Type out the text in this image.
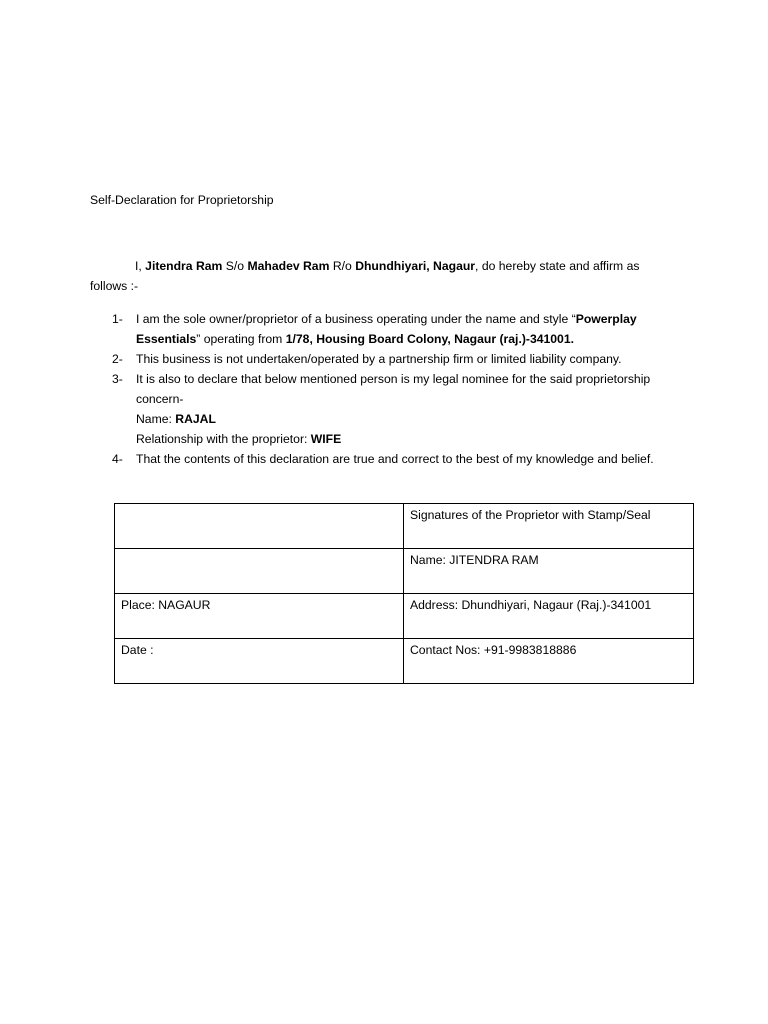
Self-Declaration for Proprietorship
I, Jitendra Ram S/o Mahadev Ram R/o Dhundhiyari, Nagaur, do hereby state and affirm as
follows :-
1-	I am the sole owner/proprietor of a business operating under the name and style “Powerplay Essentials” operating from 1/78, Housing Board Colony, Nagaur (raj.)-341001.
2-	This business is not undertaken/operated by a partnership firm or limited liability company.
3-	It is also to declare that below mentioned person is my legal nominee for the said proprietorship concern-
Name: RAJAL
Relationship with the proprietor: WIFE
4-	That the contents of this declaration are true and correct to the best of my knowledge and belief.
	Signatures of the Proprietor with Stamp/Seal
	Name: JITENDRA RAM
Place: NAGAUR	Address: Dhundhiyari, Nagaur (Raj.)-341001
Date :	Contact Nos: +91-9983818886
